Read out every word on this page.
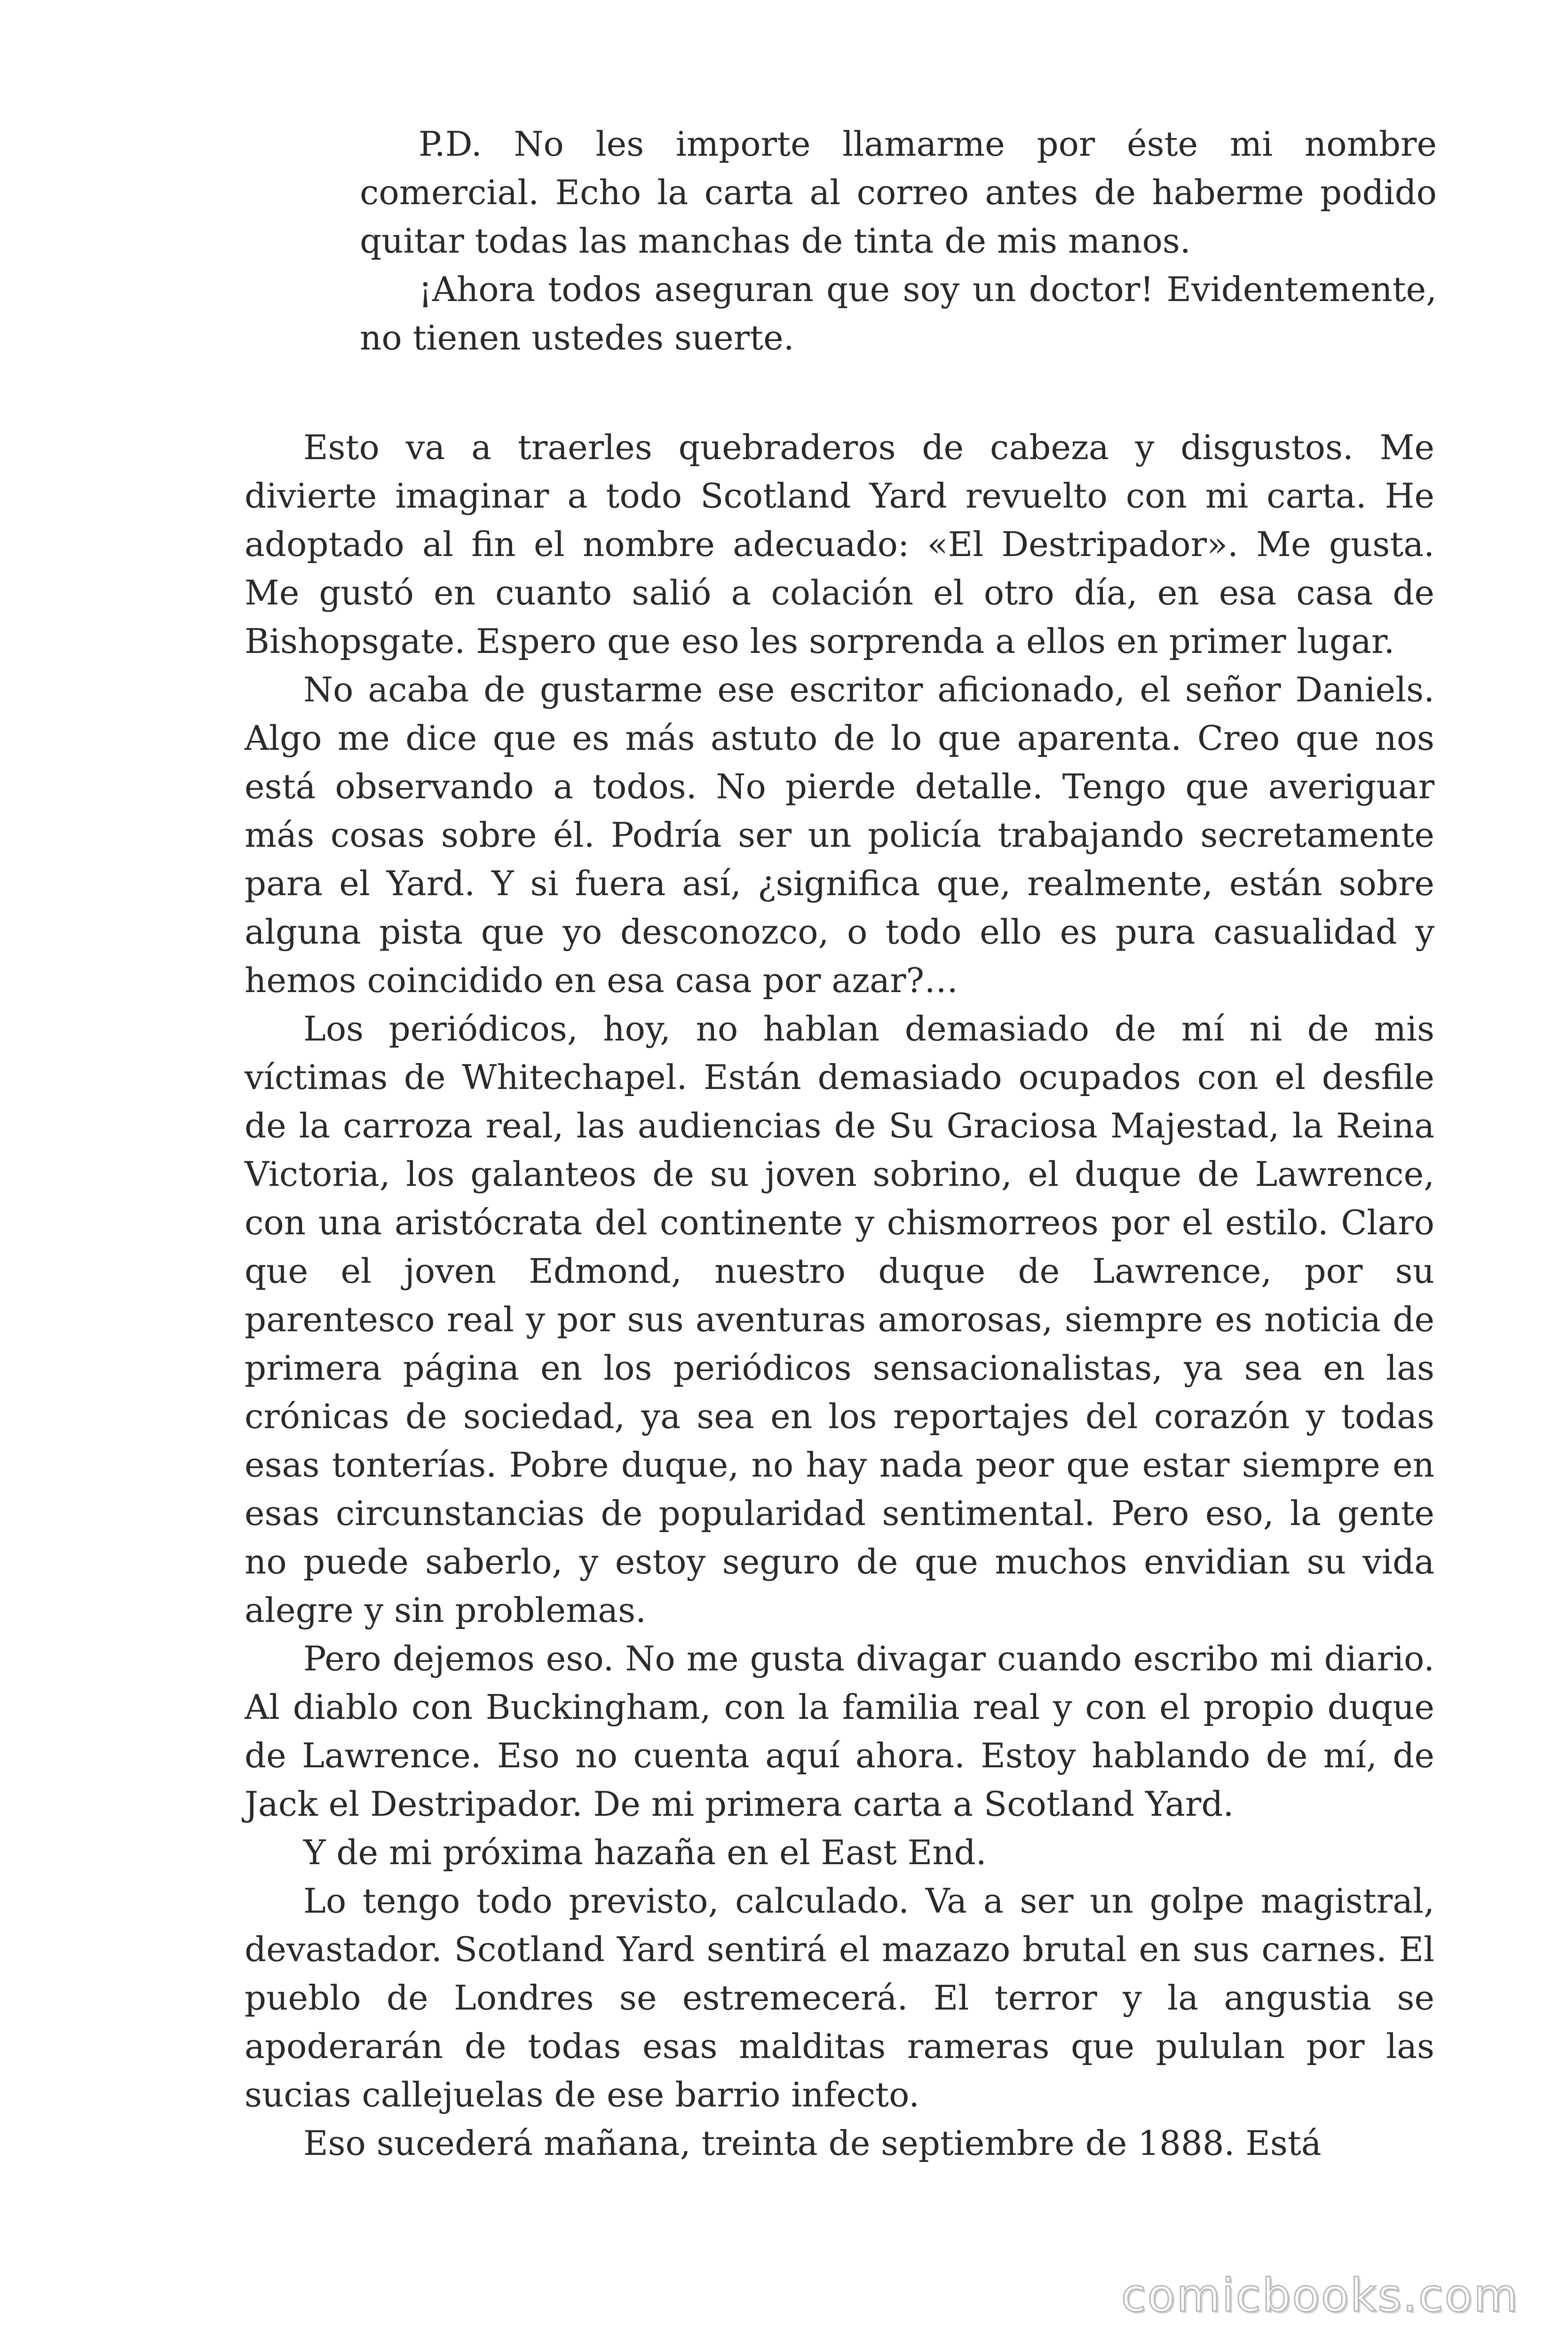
P.D. No les importe llamarme por éste mi nombre comercial. Echo la carta al correo antes de haberme podido quitar todas las manchas de tinta de mis manos.

¡Ahora todos aseguran que soy un doctor! Evidentemente, no tienen ustedes suerte.

Esto va a traerles quebraderos de cabeza y disgustos. Me divierte imaginar a todo Scotland Yard revuelto con mi carta. He adoptado al fin el nombre adecuado: «El Destripador». Me gusta. Me gustó en cuanto salió a colación el otro día, en esa casa de Bishopsgate. Espero que eso les sorprenda a ellos en primer lugar.

No acaba de gustarme ese escritor aficionado, el señor Daniels. Algo me dice que es más astuto de lo que aparenta. Creo que nos está observando a todos. No pierde detalle. Tengo que averiguar más cosas sobre él. Podría ser un policía trabajando secretamente para el Yard. Y si fuera así, ¿significa que, realmente, están sobre alguna pista que yo desconozco, o todo ello es pura casualidad y hemos coincidido en esa casa por azar?…

Los periódicos, hoy, no hablan demasiado de mí ni de mis víctimas de Whitechapel. Están demasiado ocupados con el desfile de la carroza real, las audiencias de Su Graciosa Majestad, la Reina Victoria, los galanteos de su joven sobrino, el duque de Lawrence, con una aristócrata del continente y chismorreos por el estilo. Claro que el joven Edmond, nuestro duque de Lawrence, por su parentesco real y por sus aventuras amorosas, siempre es noticia de primera página en los periódicos sensacionalistas, ya sea en las crónicas de sociedad, ya sea en los reportajes del corazón y todas esas tonterías. Pobre duque, no hay nada peor que estar siempre en esas circunstancias de popularidad sentimental. Pero eso, la gente no puede saberlo, y estoy seguro de que muchos envidian su vida alegre y sin problemas.

Pero dejemos eso. No me gusta divagar cuando escribo mi diario. Al diablo con Buckingham, con la familia real y con el propio duque de Lawrence. Eso no cuenta aquí ahora. Estoy hablando de mí, de Jack el Destripador. De mi primera carta a Scotland Yard.

Y de mi próxima hazaña en el East End.

Lo tengo todo previsto, calculado. Va a ser un golpe magistral, devastador. Scotland Yard sentirá el mazazo brutal en sus carnes. El pueblo de Londres se estremecerá. El terror y la angustia se apoderarán de todas esas malditas rameras que pululan por las sucias callejuelas de ese barrio infecto.

Eso sucederá mañana, treinta de septiembre de 1888. Está

comicbooks.com
